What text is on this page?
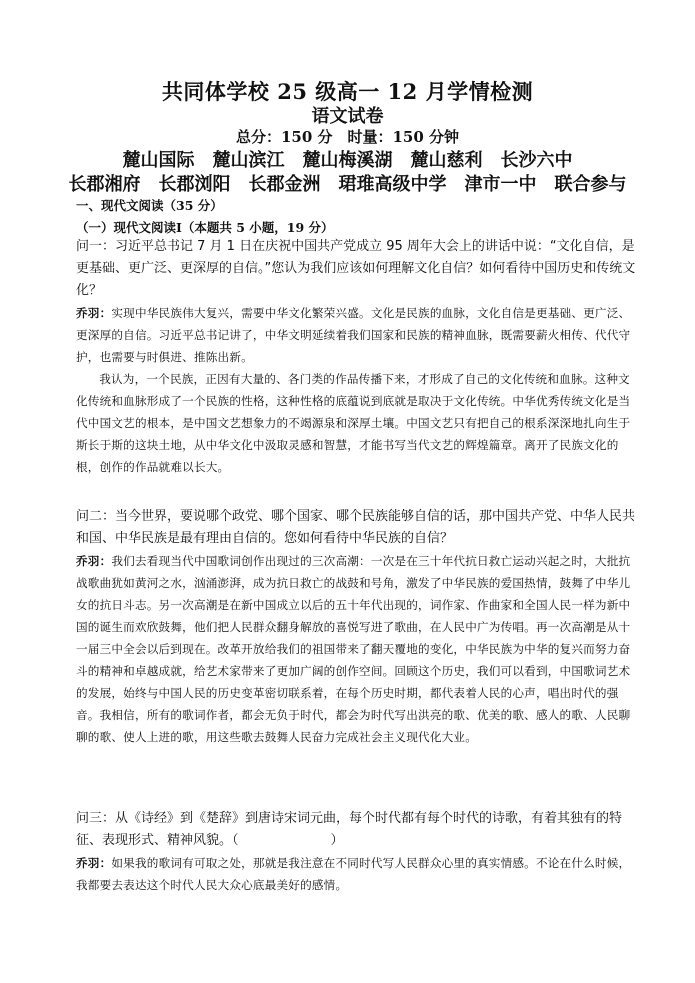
共同体学校 25 级高一 12 月学情检测
语文试卷
总分：150 分　时量：150 分钟
麓山国际　麓山滨江　麓山梅溪湖　麓山慈利　长沙六中
长郡湘府　长郡浏阳　长郡金洲　珺琟高级中学　津市一中　联合参与
一、现代文阅读（35 分）
（一）现代文阅读Ⅰ（本题共 5 小题，19 分）

问一：习近平总书记 7 月 1 日在庆祝中国共产党成立 95 周年大会上的讲话中说：“文化自信，是更基础、更广泛、更深厚的自信。”您认为我们应该如何理解文化自信？如何看待中国历史和传统文化？

乔羽：实现中华民族伟大复兴，需要中华文化繁荣兴盛。文化是民族的血脉，文化自信是更基础、更广泛、更深厚的自信。习近平总书记讲了，中华文明延续着我们国家和民族的精神血脉，既需要薪火相传、代代守护，也需要与时俱进、推陈出新。

我认为，一个民族，正因有大量的、各门类的作品传播下来，才形成了自己的文化传统和血脉。这种文化传统和血脉形成了一个民族的性格，这种性格的底蕴说到底就是取决于文化传统。中华优秀传统文化是当代中国文艺的根本，是中国文艺想象力的不竭源泉和深厚土壤。中国文艺只有把自己的根系深深地扎向生于斯长于斯的这块土地，从中华文化中汲取灵感和智慧，才能书写当代文艺的辉煌篇章。离开了民族文化的根，创作的作品就难以长大。

问二：当今世界，要说哪个政党、哪个国家、哪个民族能够自信的话，那中国共产党、中华人民共和国、中华民族是最有理由自信的。您如何看待中华民族的自信？

乔羽：我们去看现当代中国歌词创作出现过的三次高潮：一次是在三十年代抗日救亡运动兴起之时，大批抗战歌曲犹如黄河之水，汹涌澎湃，成为抗日救亡的战鼓和号角，激发了中华民族的爱国热情，鼓舞了中华儿女的抗日斗志。另一次高潮是在新中国成立以后的五十年代出现的，词作家、作曲家和全国人民一样为新中国的诞生而欢欣鼓舞，他们把人民群众翻身解放的喜悦写进了歌曲，在人民中广为传唱。再一次高潮是从十一届三中全会以后到现在。改革开放给我们的祖国带来了翻天覆地的变化，中华民族为中华的复兴而努力奋斗的精神和卓越成就，给艺术家带来了更加广阔的创作空间。回顾这个历史，我们可以看到，中国歌词艺术的发展，始终与中国人民的历史变革密切联系着，在每个历史时期，都代表着人民的心声，唱出时代的强音。我相信，所有的歌词作者，都会无负于时代，都会为时代写出洪亮的歌、优美的歌、感人的歌、人民聊聊的歌、使人上进的歌，用这些歌去鼓舞人民奋力完成社会主义现代化大业。

问三：从《诗经》到《楚辞》到唐诗宋词元曲，每个时代都有每个时代的诗歌，有着其独有的特征、表现形式、精神风貌。（	）

乔羽：如果我的歌词有可取之处，那就是我注意在不同时代写人民群众心里的真实情感。不论在什么时候，我都要去表达这个时代人民大众心底最美好的感情。
